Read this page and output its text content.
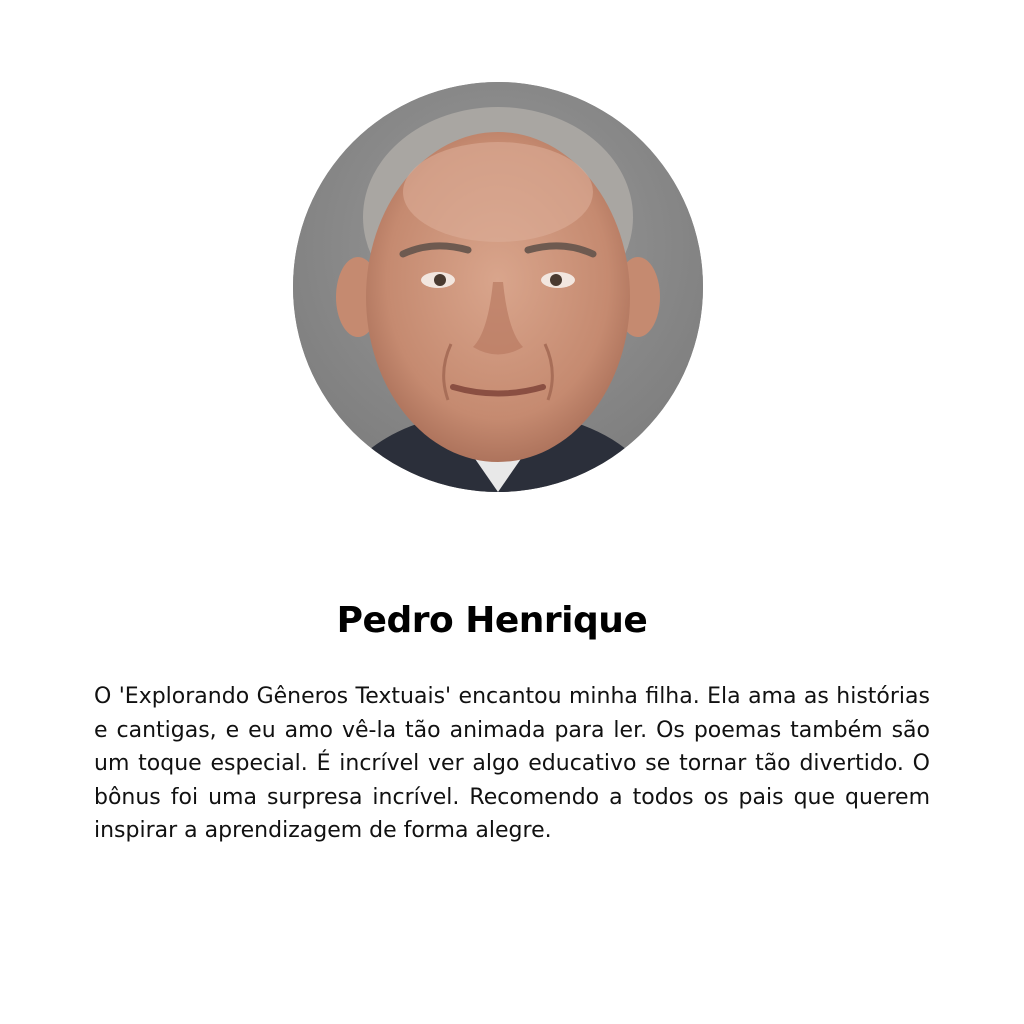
Pedro Henrique

O 'Explorando Gêneros Textuais' encantou minha filha. Ela ama as histórias e cantigas, e eu amo vê-la tão animada para ler. Os poemas também são um toque especial. É incrível ver algo educativo se tornar tão divertido. O bônus foi uma surpresa incrível. Recomendo a todos os pais que querem inspirar a aprendizagem de forma alegre.
